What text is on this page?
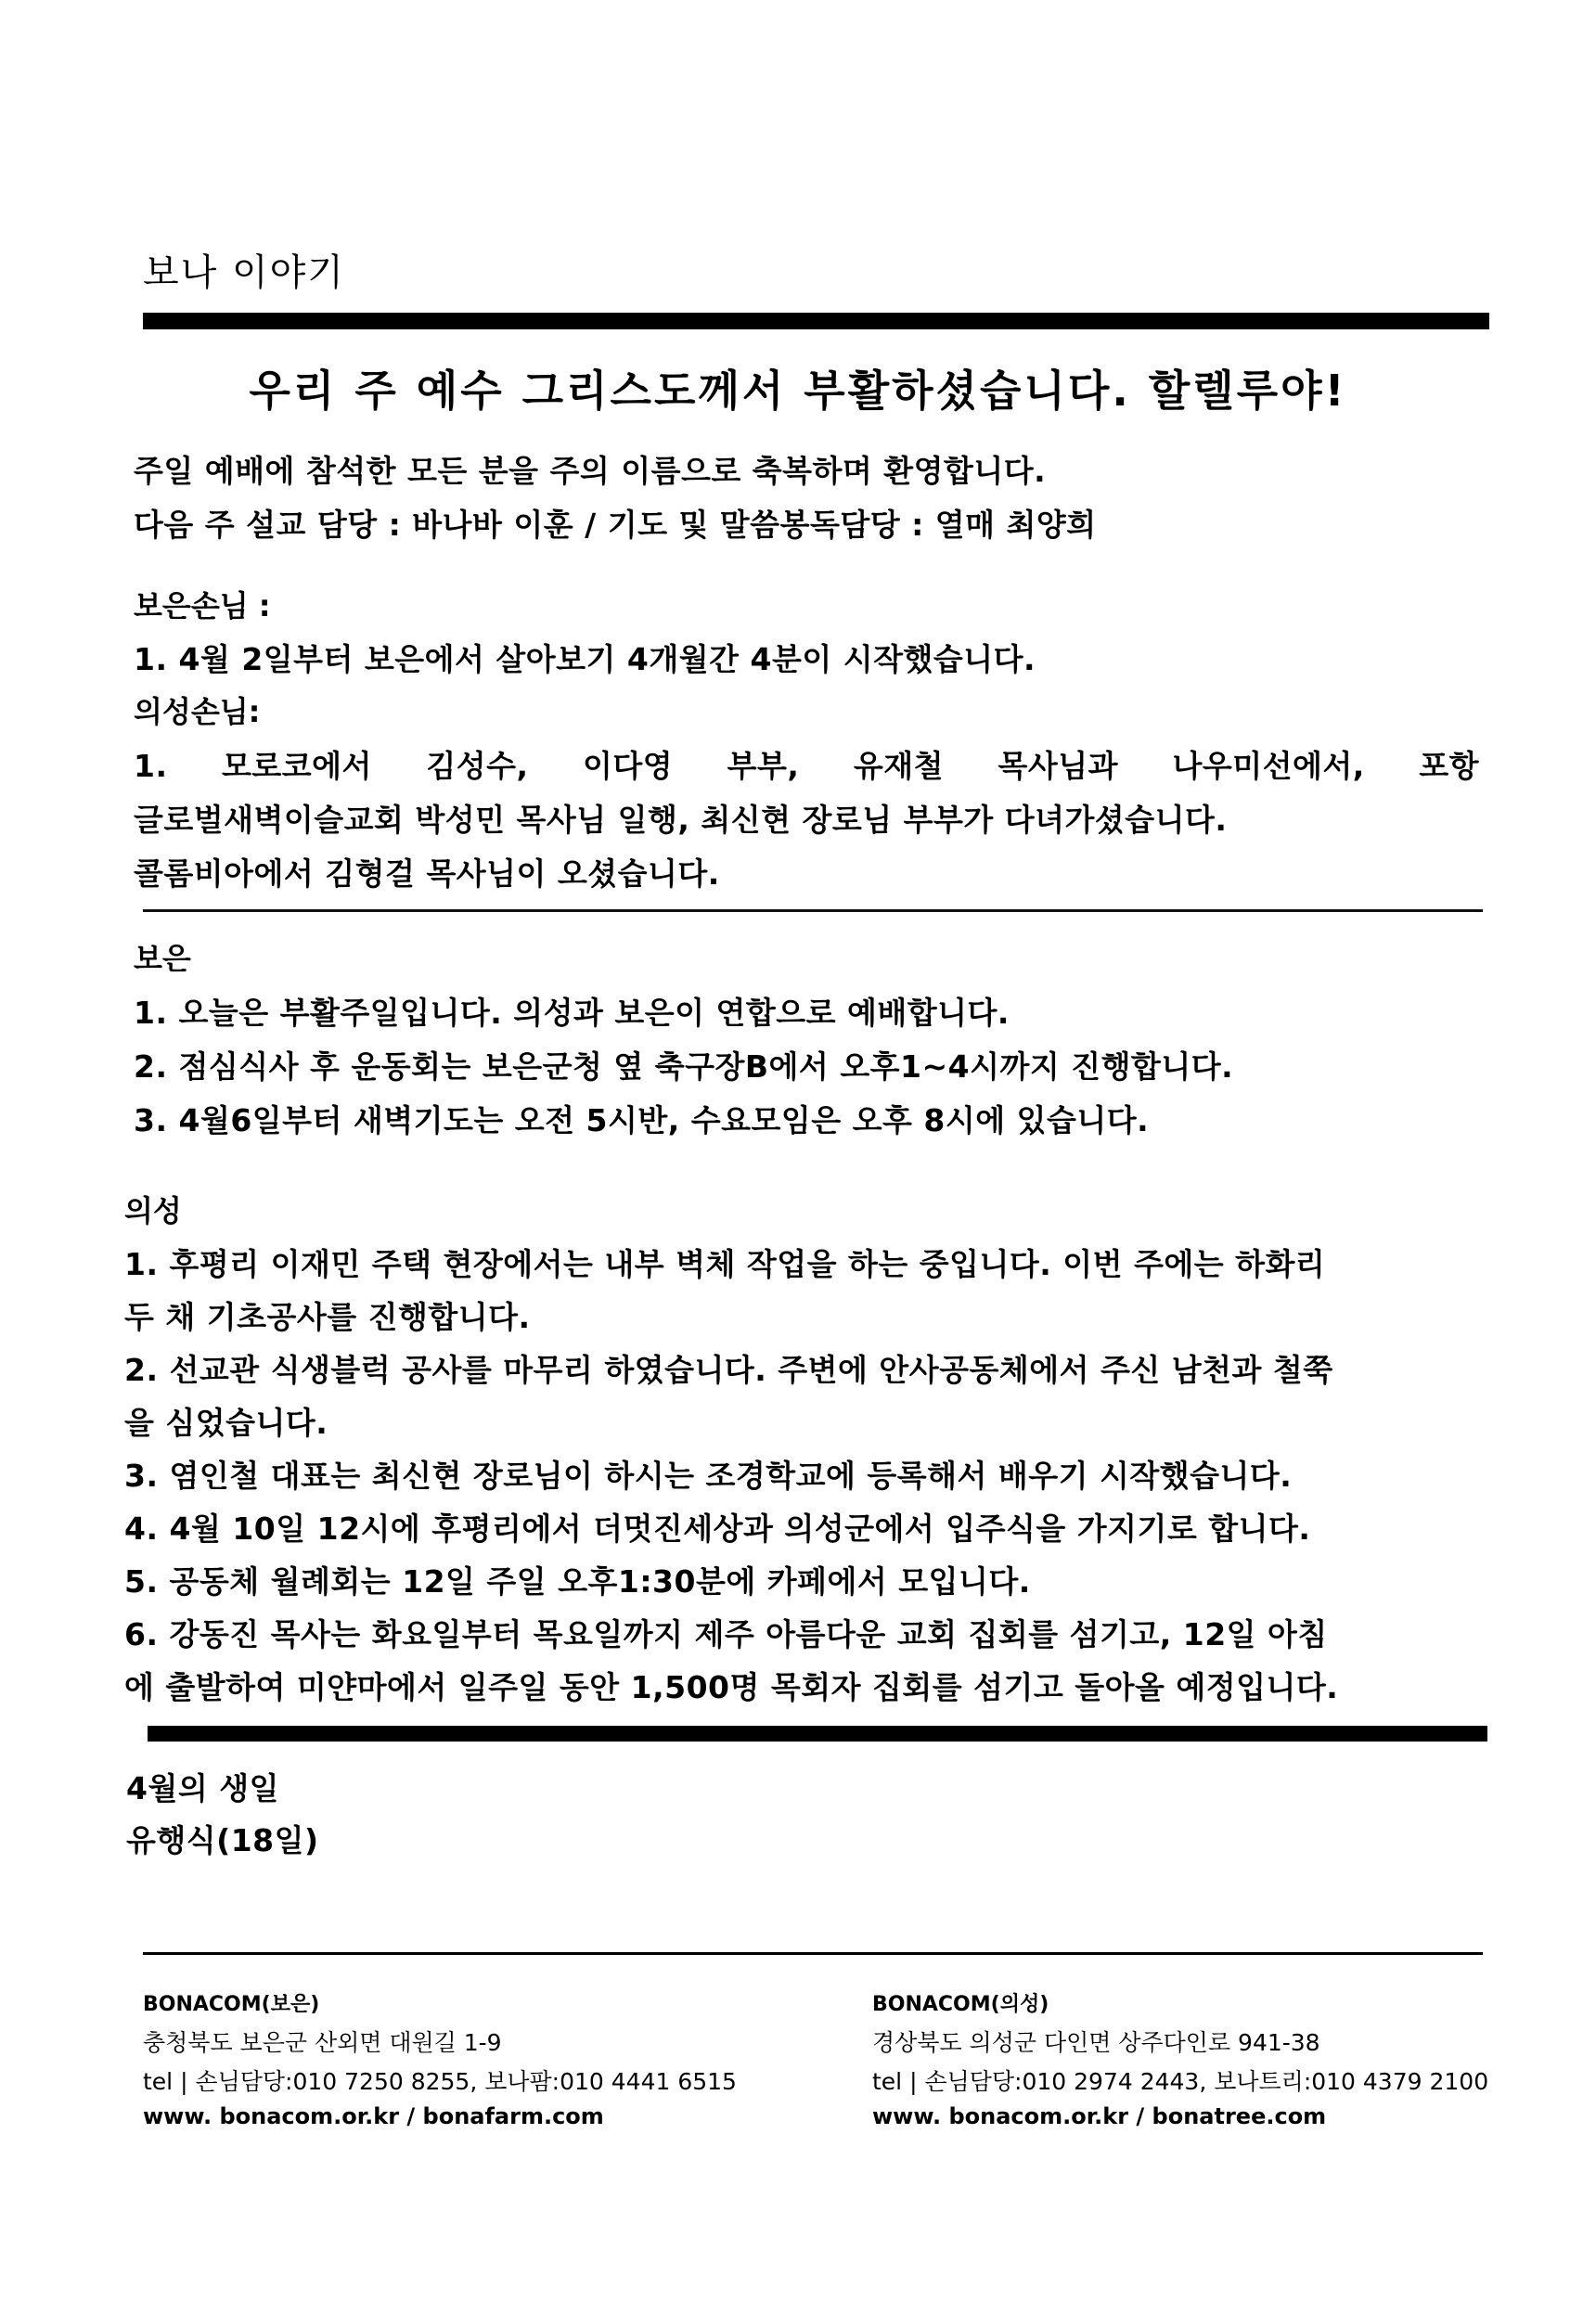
보나 이야기
우리 주 예수 그리스도께서 부활하셨습니다. 할렐루야!
주일 예배에 참석한 모든 분을 주의 이름으로 축복하며 환영합니다.
다음 주 설교 담당 : 바나바 이훈 / 기도 및 말씀봉독담당 : 열매 최양희
보은손님 :
1. 4월 2일부터 보은에서 살아보기 4개월간 4분이 시작했습니다.
의성손님:
1. 모로코에서 김성수, 이다영 부부, 유재철 목사님과 나우미선에서, 포항
글로벌새벽이슬교회 박성민 목사님 일행, 최신현 장로님 부부가 다녀가셨습니다.
콜롬비아에서 김형걸 목사님이 오셨습니다.
보은
1. 오늘은 부활주일입니다. 의성과 보은이 연합으로 예배합니다.
2. 점심식사 후 운동회는 보은군청 옆 축구장B에서 오후1~4시까지 진행합니다.
3. 4월6일부터 새벽기도는 오전 5시반, 수요모임은 오후 8시에 있습니다.
의성
1. 후평리 이재민 주택 현장에서는 내부 벽체 작업을 하는 중입니다. 이번 주에는 하화리
두 채 기초공사를 진행합니다.
2. 선교관 식생블럭 공사를 마무리 하였습니다. 주변에 안사공동체에서 주신 남천과 철쭉
을 심었습니다.
3. 염인철 대표는 최신현 장로님이 하시는 조경학교에 등록해서 배우기 시작했습니다.
4. 4월 10일 12시에 후평리에서 더멋진세상과 의성군에서 입주식을 가지기로 합니다.
5. 공동체 월례회는 12일 주일 오후1:30분에 카페에서 모입니다.
6. 강동진 목사는 화요일부터 목요일까지 제주 아름다운 교회 집회를 섬기고, 12일 아침
에 출발하여 미얀마에서 일주일 동안 1,500명 목회자 집회를 섬기고 돌아올 예정입니다.
4월의 생일
유행식(18일)
BONACOM(보은)
충청북도 보은군 산외면 대원길 1-9
tel | 손님담당:010 7250 8255, 보나팜:010 4441 6515
www. bonacom.or.kr / bonafarm.com
BONACOM(의성)
경상북도 의성군 다인면 상주다인로 941-38
tel | 손님담당:010 2974 2443, 보나트리:010 4379 2100
www. bonacom.or.kr / bonatree.com
